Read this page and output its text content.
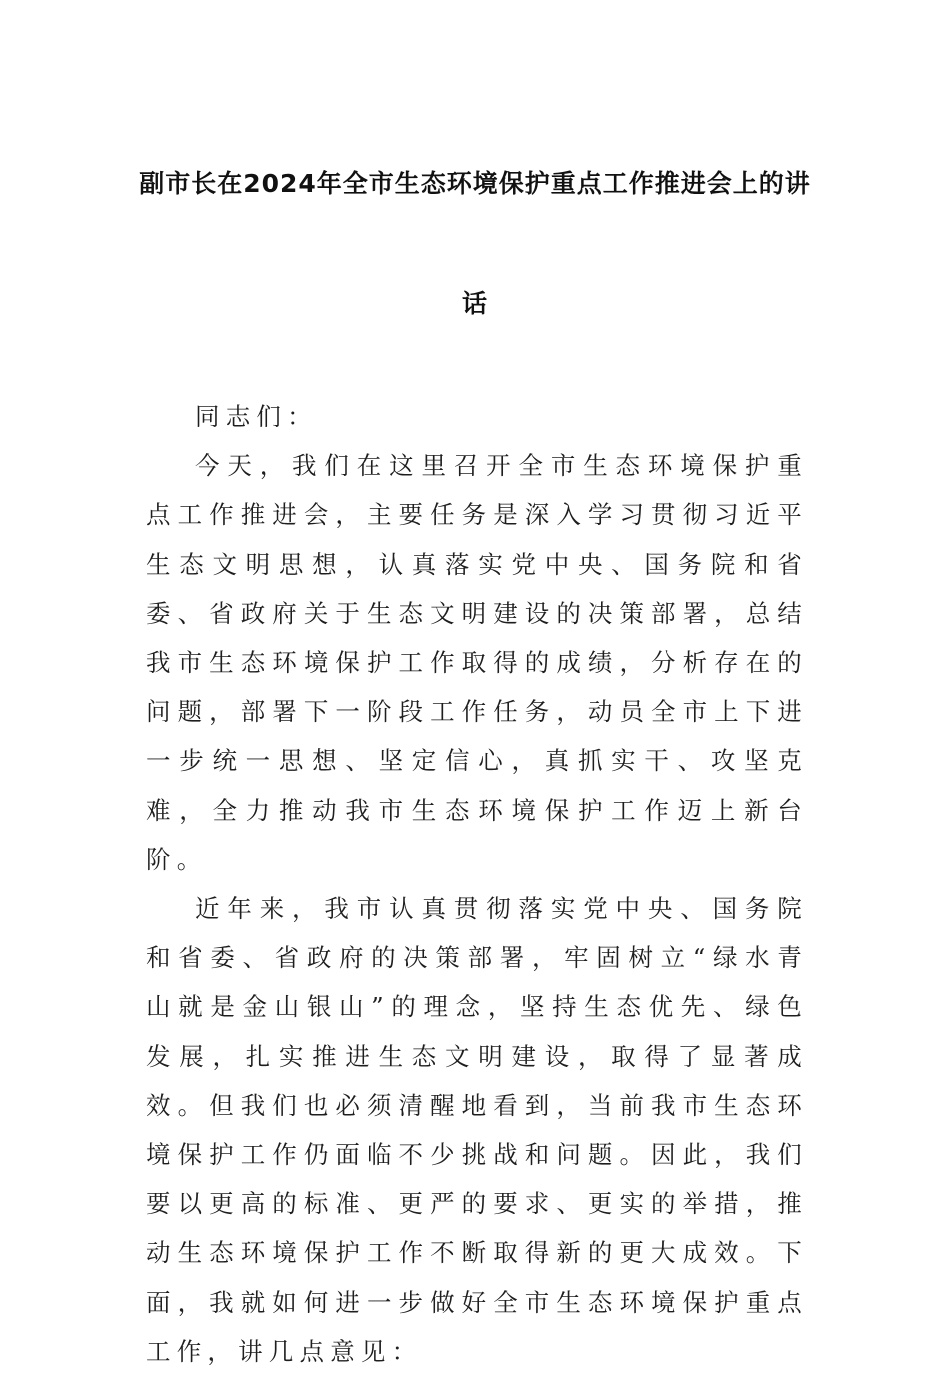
副市长在2024年全市生态环境保护重点工作推进会上的讲
话

同志们：

今天，我们在这里召开全市生态环境保护重点工作推进会，主要任务是深入学习贯彻习近平生态文明思想，认真落实党中央、国务院和省委、省政府关于生态文明建设的决策部署，总结我市生态环境保护工作取得的成绩，分析存在的问题，部署下一阶段工作任务，动员全市上下进一步统一思想、坚定信心，真抓实干、攻坚克难，全力推动我市生态环境保护工作迈上新台阶。

近年来，我市认真贯彻落实党中央、国务院和省委、省政府的决策部署，牢固树立“绿水青山就是金山银山”的理念，坚持生态优先、绿色发展，扎实推进生态文明建设，取得了显著成效。但我们也必须清醒地看到，当前我市生态环境保护工作仍面临不少挑战和问题。因此，我们要以更高的标准、更严的要求、更实的举措，推动生态环境保护工作不断取得新的更大成效。下面，我就如何进一步做好全市生态环境保护重点工作，讲几点意见：
